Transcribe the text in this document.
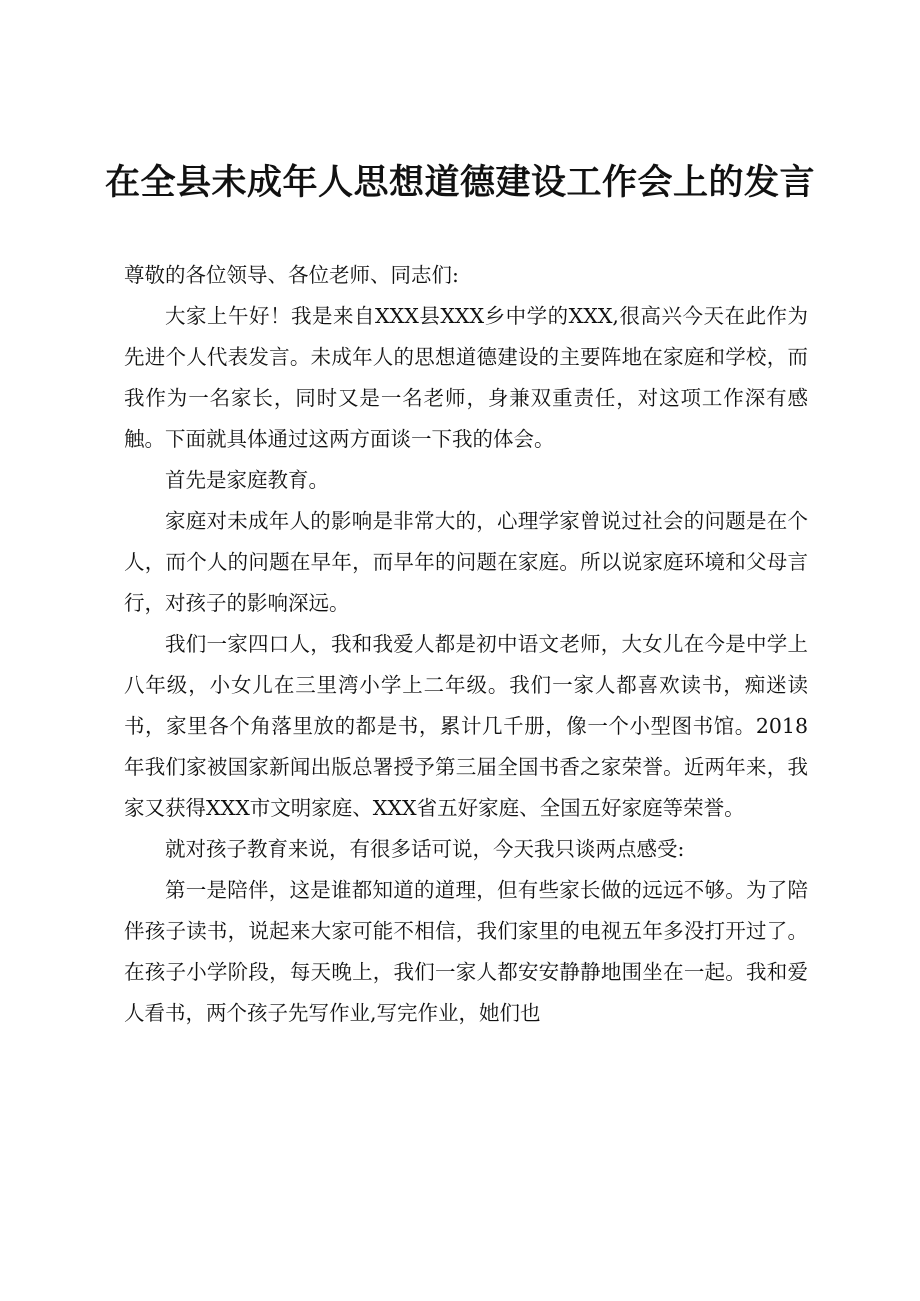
在全县未成年人思想道德建设工作会上的发言

尊敬的各位领导、各位老师、同志们:

大家上午好！我是来自XXX县XXX乡中学的XXX,很高兴今天在此作为先进个人代表发言。未成年人的思想道德建设的主要阵地在家庭和学校，而我作为一名家长，同时又是一名老师，身兼双重责任，对这项工作深有感触。下面就具体通过这两方面谈一下我的体会。

首先是家庭教育。

家庭对未成年人的影响是非常大的，心理学家曾说过社会的问题是在个人，而个人的问题在早年，而早年的问题在家庭。所以说家庭环境和父母言行，对孩子的影响深远。

我们一家四口人，我和我爱人都是初中语文老师，大女儿在今是中学上八年级，小女儿在三里湾小学上二年级。我们一家人都喜欢读书，痴迷读书，家里各个角落里放的都是书，累计几千册，像一个小型图书馆。2018年我们家被国家新闻出版总署授予第三届全国书香之家荣誉。近两年来，我家又获得XXX市文明家庭、XXX省五好家庭、全国五好家庭等荣誉。

就对孩子教育来说，有很多话可说，今天我只谈两点感受:

第一是陪伴，这是谁都知道的道理，但有些家长做的远远不够。为了陪伴孩子读书，说起来大家可能不相信，我们家里的电视五年多没打开过了。在孩子小学阶段，每天晚上，我们一家人都安安静静地围坐在一起。我和爱人看书，两个孩子先写作业,写完作业，她们也
